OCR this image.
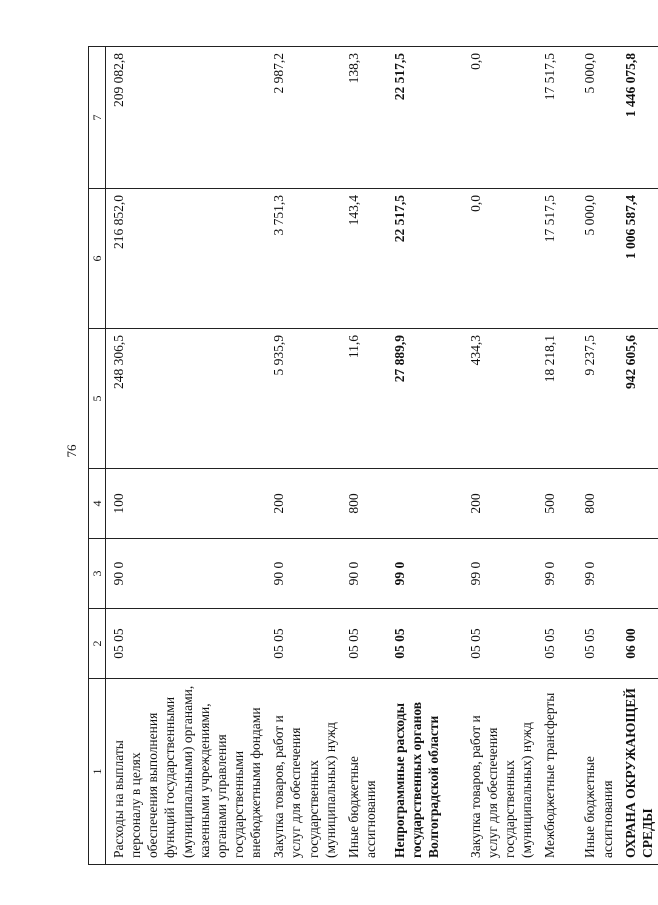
76
1	2	3	4	5	6	7
Расходы на выплаты персоналу в целях обеспечения выполнения функций государственными (муниципальными) органами, казенными учреждениями, органами управления государственными внебюджетными фондами	05 05	90 0	100	248 306,5	216 852,0	209 082,8
Закупка товаров, работ и услуг для обеспечения государственных (муниципальных) нужд	05 05	90 0	200	5 935,9	3 751,3	2 987,2
Иные бюджетные ассигнования	05 05	90 0	800	11,6	143,4	138,3
Непрограммные расходы государственных органов Волгоградской области	05 05	99 0		27 889,9	22 517,5	22 517,5
Закупка товаров, работ и услуг для обеспечения государственных (муниципальных) нужд	05 05	99 0	200	434,3	0,0	0,0
Межбюджетные трансферты	05 05	99 0	500	18 218,1	17 517,5	17 517,5
Иные бюджетные ассигнования	05 05	99 0	800	9 237,5	5 000,0	5 000,0
ОХРАНА ОКРУЖАЮЩЕЙ СРЕДЫ	06 00			942 605,6	1 006 587,4	1 446 075,8
